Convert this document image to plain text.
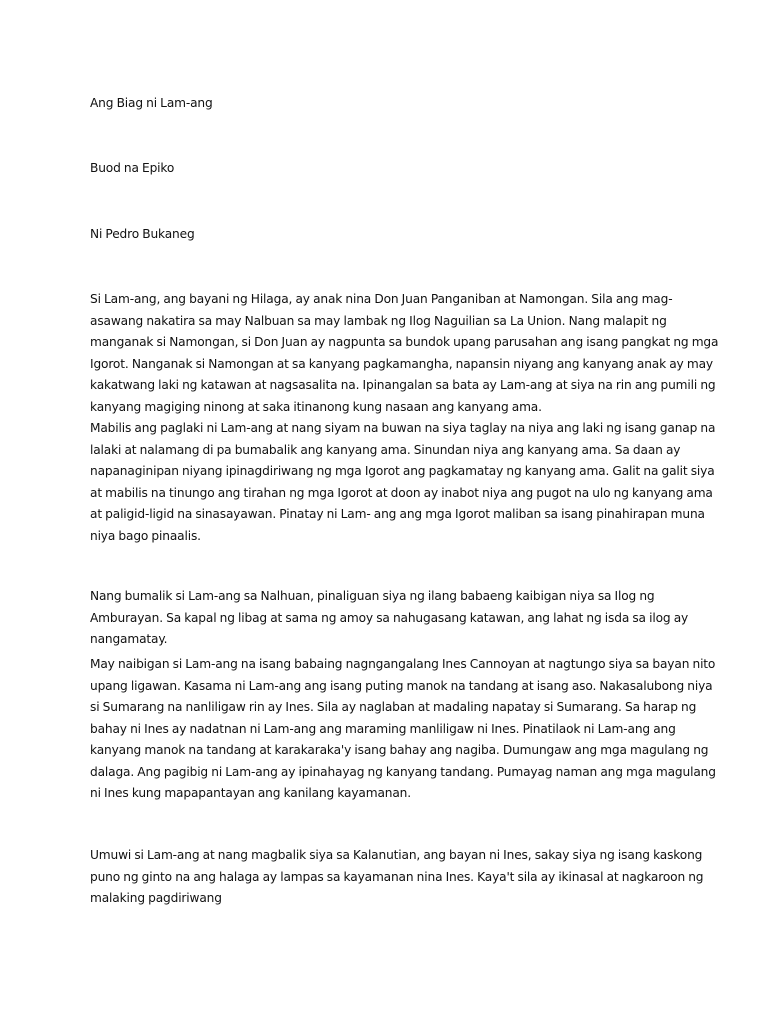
Ang Biag ni Lam-ang

Buod na Epiko

Ni Pedro Bukaneg

Si Lam-ang, ang bayani ng Hilaga, ay anak nina Don Juan Panganiban at Namongan. Sila ang mag-
asawang nakatira sa may Nalbuan sa may lambak ng Ilog Naguilian sa La Union. Nang malapit ng
manganak si Namongan, si Don Juan ay nagpunta sa bundok upang parusahan ang isang pangkat ng mga
Igorot. Nanganak si Namongan at sa kanyang pagkamangha, napansin niyang ang kanyang anak ay may
kakatwang laki ng katawan at nagsasalita na. Ipinangalan sa bata ay Lam-ang at siya na rin ang pumili ng
kanyang magiging ninong at saka itinanong kung nasaan ang kanyang ama.

Mabilis ang paglaki ni Lam-ang at nang siyam na buwan na siya taglay na niya ang laki ng isang ganap na
lalaki at nalamang di pa bumabalik ang kanyang ama. Sinundan niya ang kanyang ama. Sa daan ay
napanaginipan niyang ipinagdiriwang ng mga Igorot ang pagkamatay ng kanyang ama. Galit na galit siya
at mabilis na tinungo ang tirahan ng mga Igorot at doon ay inabot niya ang pugot na ulo ng kanyang ama
at paligid-ligid na sinasayawan. Pinatay ni Lam- ang ang mga Igorot maliban sa isang pinahirapan muna
niya bago pinaalis.

Nang bumalik si Lam-ang sa Nalhuan, pinaliguan siya ng ilang babaeng kaibigan niya sa Ilog ng
Amburayan. Sa kapal ng libag at sama ng amoy sa nahugasang katawan, ang lahat ng isda sa ilog ay
nangamatay.

May naibigan si Lam-ang na isang babaing nagngangalang Ines Cannoyan at nagtungo siya sa bayan nito
upang ligawan. Kasama ni Lam-ang ang isang puting manok na tandang at isang aso. Nakasalubong niya
si Sumarang na nanliligaw rin ay Ines. Sila ay naglaban at madaling napatay si Sumarang. Sa harap ng
bahay ni Ines ay nadatnan ni Lam-ang ang maraming manliligaw ni Ines. Pinatilaok ni Lam-ang ang
kanyang manok na tandang at karakaraka'y isang bahay ang nagiba. Dumungaw ang mga magulang ng
dalaga. Ang pagibig ni Lam-ang ay ipinahayag ng kanyang tandang. Pumayag naman ang mga magulang
ni Ines kung mapapantayan ang kanilang kayamanan.

Umuwi si Lam-ang at nang magbalik siya sa Kalanutian, ang bayan ni Ines, sakay siya ng isang kaskong
puno ng ginto na ang halaga ay lampas sa kayamanan nina Ines. Kaya't sila ay ikinasal at nagkaroon ng
malaking pagdiriwang
